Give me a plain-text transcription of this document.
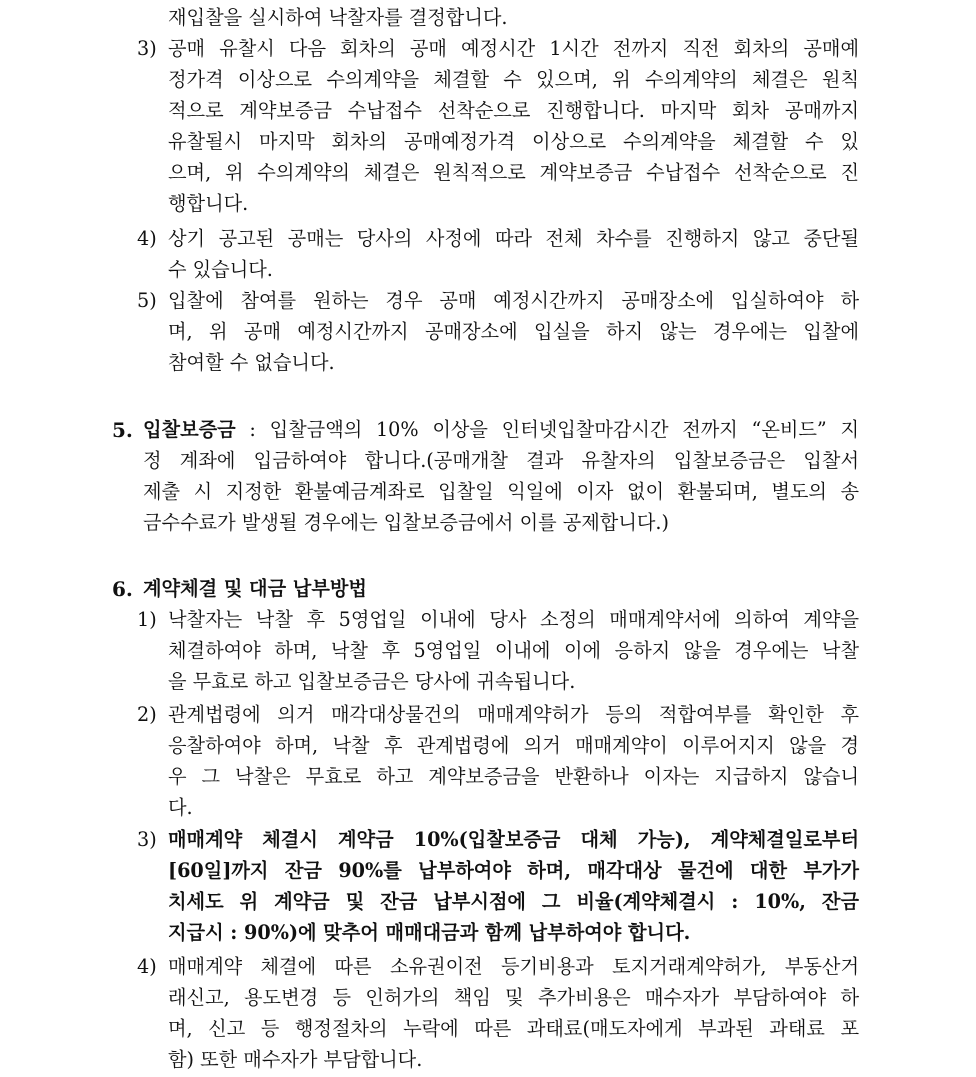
재입찰을 실시하여 낙찰자를 결정합니다.
3) 공매 유찰시 다음 회차의 공매 예정시간 1시간 전까지 직전 회차의 공매예
정가격 이상으로 수의계약을 체결할 수 있으며, 위 수의계약의 체결은 원칙
적으로 계약보증금 수납접수 선착순으로 진행합니다. 마지막 회차 공매까지
유찰될시 마지막 회차의 공매예정가격 이상으로 수의계약을 체결할 수 있
으며, 위 수의계약의 체결은 원칙적으로 계약보증금 수납접수 선착순으로 진
행합니다.
4) 상기 공고된 공매는 당사의 사정에 따라 전체 차수를 진행하지 않고 중단될
수 있습니다.
5) 입찰에 참여를 원하는 경우 공매 예정시간까지 공매장소에 입실하여야 하
며, 위 공매 예정시간까지 공매장소에 입실을 하지 않는 경우에는 입찰에
참여할 수 없습니다.
5. 입찰보증금 : 입찰금액의 10% 이상을 인터넷입찰마감시간 전까지 “온비드” 지
정 계좌에 입금하여야 합니다.(공매개찰 결과 유찰자의 입찰보증금은 입찰서
제출 시 지정한 환불예금계좌로 입찰일 익일에 이자 없이 환불되며, 별도의 송
금수수료가 발생될 경우에는 입찰보증금에서 이를 공제합니다.)
6. 계약체결 및 대금 납부방법
1) 낙찰자는 낙찰 후 5영업일 이내에 당사 소정의 매매계약서에 의하여 계약을
체결하여야 하며, 낙찰 후 5영업일 이내에 이에 응하지 않을 경우에는 낙찰
을 무효로 하고 입찰보증금은 당사에 귀속됩니다.
2) 관계법령에 의거 매각대상물건의 매매계약허가 등의 적합여부를 확인한 후
응찰하여야 하며, 낙찰 후 관계법령에 의거 매매계약이 이루어지지 않을 경
우 그 낙찰은 무효로 하고 계약보증금을 반환하나 이자는 지급하지 않습니
다.
3) 매매계약 체결시 계약금 10%(입찰보증금 대체 가능), 계약체결일로부터
[60일]까지 잔금 90%를 납부하여야 하며, 매각대상 물건에 대한 부가가
치세도 위 계약금 및 잔금 납부시점에 그 비율(계약체결시 : 10%, 잔금
지급시 : 90%)에 맞추어 매매대금과 함께 납부하여야 합니다.
4) 매매계약 체결에 따른 소유권이전 등기비용과 토지거래계약허가, 부동산거
래신고, 용도변경 등 인허가의 책임 및 추가비용은 매수자가 부담하여야 하
며, 신고 등 행정절차의 누락에 따른 과태료(매도자에게 부과된 과태료 포
함) 또한 매수자가 부담합니다.
